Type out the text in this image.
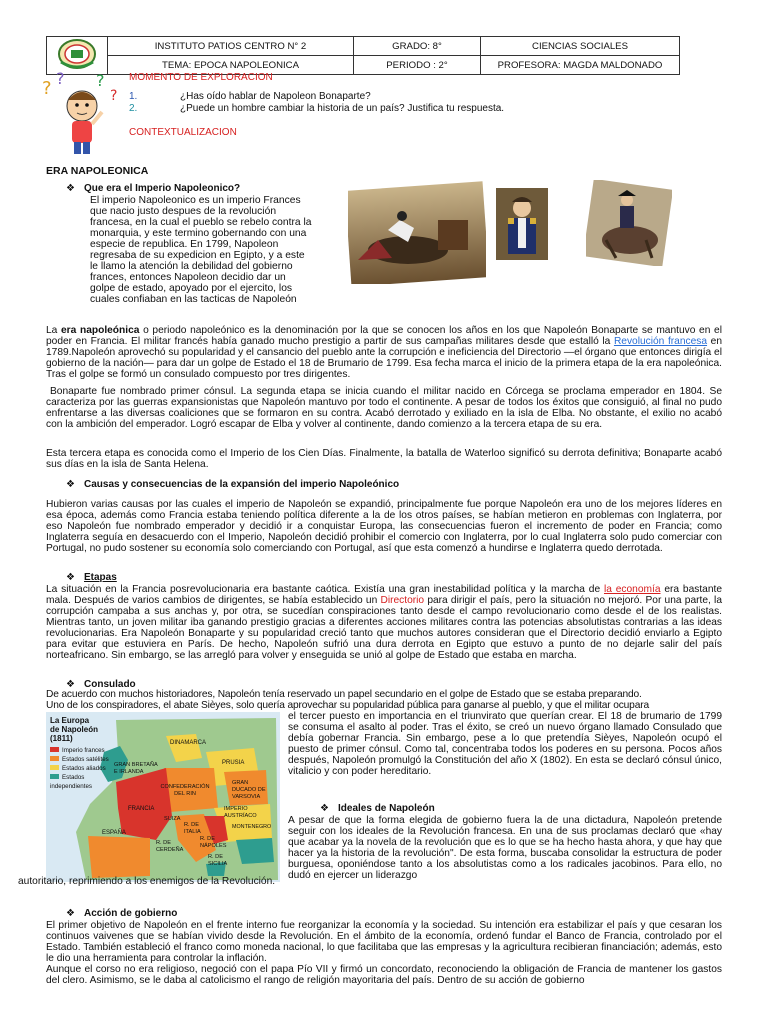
	INSTITUTO PATIOS CENTRO N° 2	GRADO: 8°	CIENCIAS SOCIALES
	TEMA: EPOCA NAPOLEONICA	PERIODO : 2°	PROFESORA: MAGDA MALDONADO
? ? ?
?
MOMENTO DE EXPLORACION
1.	¿Has oído hablar de Napoleon Bonaparte?
2.	¿Puede un hombre cambiar la historia de un país? Justifica tu respuesta.
CONTEXTUALIZACION
ERA NAPOLEONICA
❖ Que era el Imperio Napoleonico?
El imperio Napoleonico es un imperio Frances
que nacio justo despues de la revolución
francesa, en la cual el pueblo se rebelo contra la
monarquia, y este termino gobernando con una
especie de republica. En 1799, Napoleon
regresaba de su expedicion en Egipto, y a este
le llamo la atención la debilidad del gobierno
frances, entonces Napoleon decidio dar un
golpe de estado, apoyado por el ejercito, los
cuales confiaban en las tacticas de Napoleón
La era napoleónica o periodo napoleónico es la denominación por la que se conocen los años en los que Napoleón Bonaparte se mantuvo en el poder en Francia. El militar francés había ganado mucho prestigio a partir de sus campañas militares desde que estalló la Revolución francesa en 1789.Napoleón aprovechó su popularidad y el cansancio del pueblo ante la corrupción e ineficiencia del Directorio —el órgano que entonces dirigía el gobierno de la nación— para dar un golpe de Estado el 18 de Brumario de 1799. Esa fecha marca el inicio de la primera etapa de la era napoleónica. Tras el golpe se formó un consulado compuesto por tres dirigentes.
Bonaparte fue nombrado primer cónsul. La segunda etapa se inicia cuando el militar nacido en Córcega se proclama emperador en 1804. Se caracteriza por las guerras expansionistas que Napoleón mantuvo por todo el continente. A pesar de todos los éxitos que consiguió, al final no pudo enfrentarse a las diversas coaliciones que se formaron en su contra. Acabó derrotado y exiliado en la isla de Elba. No obstante, el exilio no acabó con la ambición del emperador. Logró escapar de Elba y volver al continente, dando comienzo a la tercera etapa de su era.
Esta tercera etapa es conocida como el Imperio de los Cien Días. Finalmente, la batalla de Waterloo significó su derrota definitiva; Bonaparte acabó sus días en la isla de Santa Helena.
❖ Causas y consecuencias de la expansión del imperio Napoleónico
Hubieron varias causas por las cuales el imperio de Napoleón se expandió, principalmente fue porque Napoleón era uno de los mejores líderes en esa época, además como Francia estaba teniendo política diferente a la de los otros países, se habían metieron en problemas con Inglaterra, por eso Napoleón fue nombrado emperador y decidió ir a conquistar Europa, las consecuencias fueron el incremento de poder en Francia; como Inglaterra seguía en desacuerdo con el Imperio, Napoleón decidió prohibir el comercio con Inglaterra, por lo cual Inglaterra solo pudo comerciar con Portugal, no pudo sostener su economía solo comerciando con Portugal, así que esta comenzó a hundirse e Inglaterra quedo derrotada.
❖ Etapas
La situación en la Francia posrevolucionaria era bastante caótica. Existía una gran inestabilidad política y la marcha de la economía era bastante mala. Después de varios cambios de dirigentes, se había establecido un Directorio para dirigir el país, pero la situación no mejoró. Por una parte, la corrupción campaba a sus anchas y, por otra, se sucedían conspiraciones tanto desde el campo revolucionario como desde el de los realistas. Mientras tanto, un joven militar iba ganando prestigio gracias a diferentes acciones militares contra las potencias absolutistas contrarias a las ideas revolucionarias. Era Napoleón Bonaparte y su popularidad creció tanto que muchos autores consideran que el Directorio decidió enviarlo a Egipto para evitar que estuviera en París. De hecho, Napoleón sufrió una dura derrota en Egipto que estuvo a punto de no dejarle salir del país norteafricano. Sin embargo, se las arregló para volver y enseguida se unió al golpe de Estado que estaba en marcha.
❖ Consulado
De acuerdo con muchos historiadores, Napoleón tenía reservado un papel secundario en el golpe de Estado que se estaba preparando.
Uno de los conspiradores, el abate Sièyes, solo quería aprovechar su popularidad pública para ganarse al pueblo, y que el militar ocupara
el tercer puesto en importancia en el triunvirato que querían crear. El 18 de brumario de 1799 se consuma el asalto al poder. Tras el éxito, se creó un nuevo órgano llamado Consulado que debía gobernar Francia. Sin embargo, pese a lo que pretendía Sièyes, Napoleón ocupó el puesto de primer cónsul. Como tal, concentraba todos los poderes en su persona. Pocos años después, Napoleón promulgó la Constitución del año X (1802). En esta se declaró cónsul único, vitalicio y con poder hereditario.
La Europa
de Napoleón
(1811)
Imperio frances
Estados satélites
Estados aliados
Estados independientes
DINAMARCA
GRAN BRETAÑA E IRLANDA
PRUSIA
CONFEDERACIÓN DEL RIN
GRAN DUCADO DE VARSOVIA
FRANCIA
SUIZA
IMPERIO AUSTRÍACO
ESPAÑA
R. DE ITALIA
R. DE CERDEÑA
R. DE NÁPOLES
R. DE SICILIA
MONTENEGRO
❖ Ideales de Napoleón
A pesar de que la forma elegida de gobierno fuera la de una dictadura, Napoleón pretende seguir con los ideales de la Revolución francesa. En una de sus proclamas declaró que «hay que acabar ya la novela de la revolución que es lo que se ha hecho hasta ahora, y que hay que hacer ya la historia de la revolución". De esta forma, buscaba consolidar la estructura de poder burguesa, oponiéndose tanto a los absolutistas como a los radicales jacobinos. Para ello, no dudó en ejercer un liderazgo
autoritario, reprimiendo a los enemigos de la Revolución.
❖ Acción de gobierno
El primer objetivo de Napoleón en el frente interno fue reorganizar la economía y la sociedad. Su intención era estabilizar el país y que cesaran los continuos vaivenes que se habían vivido desde la Revolución. En el ámbito de la economía, ordenó fundar el Banco de Francia, controlado por el Estado. También estableció el franco como moneda nacional, lo que facilitaba que las empresas y la agricultura recibieran financiación; además, esto le dio una herramienta para controlar la inflación.
Aunque el corso no era religioso, negoció con el papa Pío VII y firmó un concordato, reconociendo la obligación de Francia de mantener los gastos del clero. Asimismo, se le daba al catolicismo el rango de religión mayoritaria del país. Dentro de su acción de gobierno
